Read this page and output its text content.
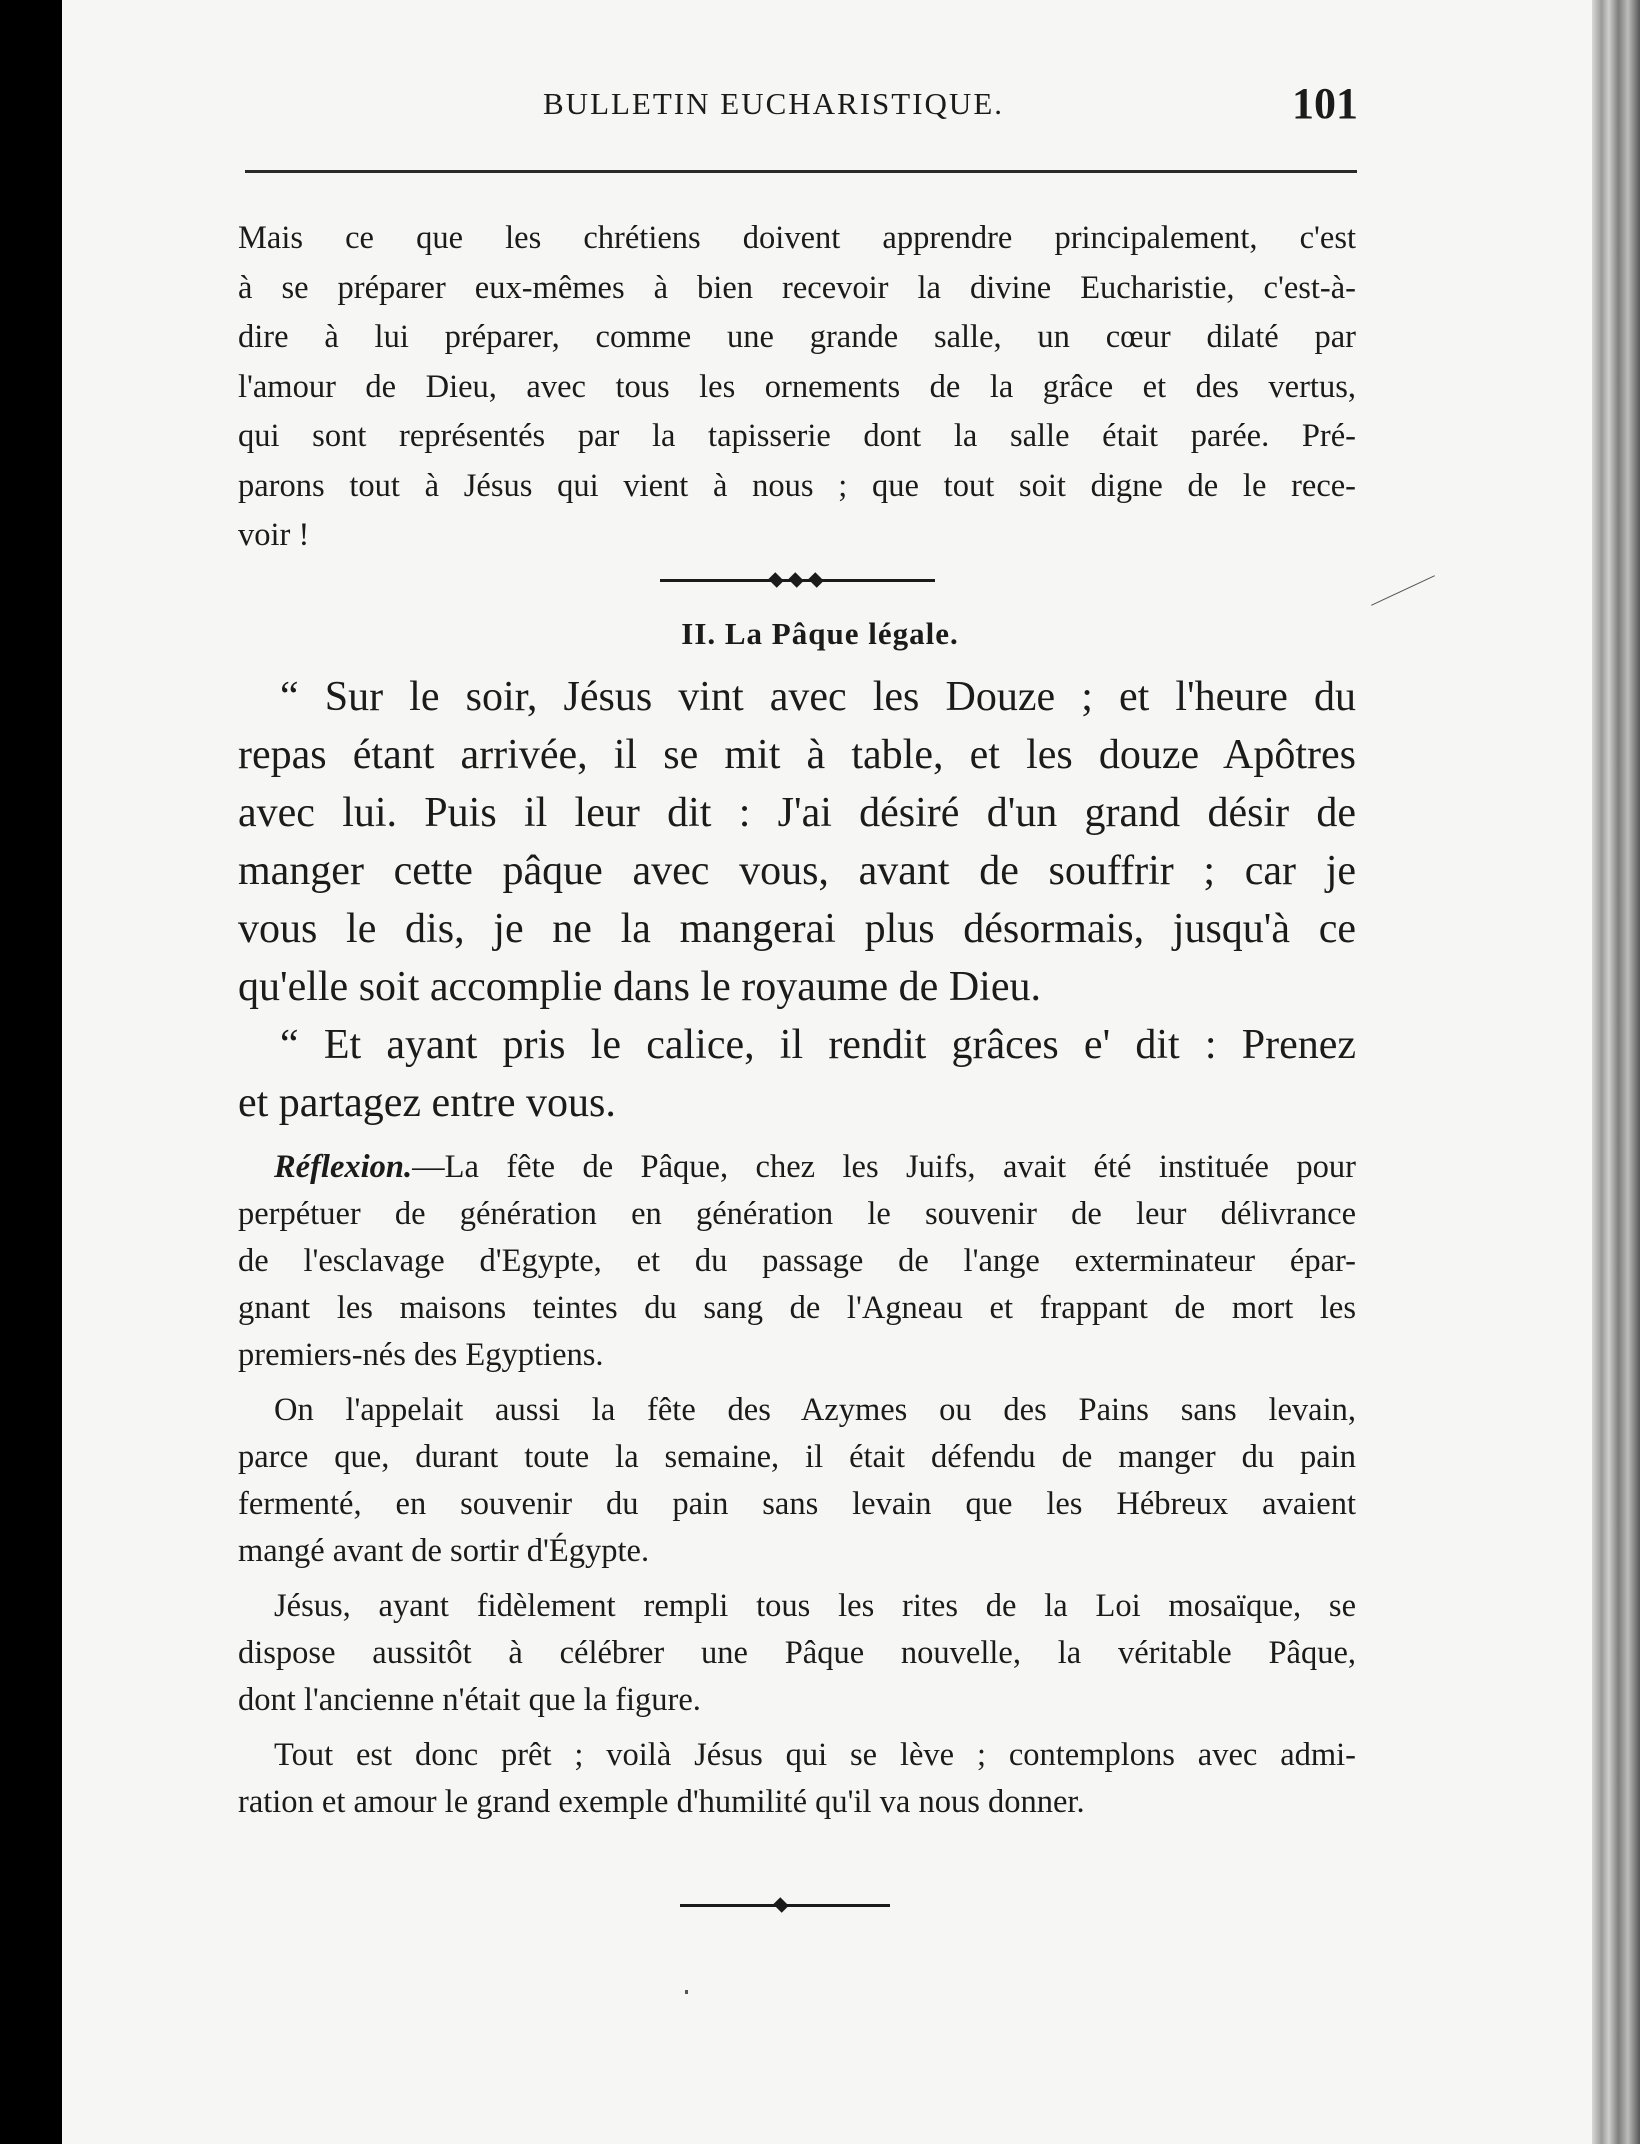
BULLETIN EUCHARISTIQUE.	101
Mais ce que les chrétiens doivent apprendre principalement, c'est
à se préparer eux-mêmes à bien recevoir la divine Eucharistie, c'est-à-
dire à lui préparer, comme une grande salle, un cœur dilaté par
l'amour de Dieu, avec tous les ornements de la grâce et des vertus,
qui sont représentés par la tapisserie dont la salle était parée. Pré-
parons tout à Jésus qui vient à nous ; que tout soit digne de le rece-
voir !
II. La Pâque légale.

“ Sur le soir, Jésus vint avec les Douze ; et l'heure du
repas étant arrivée, il se mit à table, et les douze Apôtres
avec lui. Puis il leur dit : J'ai désiré d'un grand désir de
manger cette pâque avec vous, avant de souffrir ; car je
vous le dis, je ne la mangerai plus désormais, jusqu'à ce
qu'elle soit accomplie dans le royaume de Dieu.

“ Et ayant pris le calice, il rendit grâces e' dit : Prenez
et partagez entre vous.

Réflexion.—La fête de Pâque, chez les Juifs, avait été instituée pour
perpétuer de génération en génération le souvenir de leur délivrance
de l'esclavage d'Egypte, et du passage de l'ange exterminateur épar-
gnant les maisons teintes du sang de l'Agneau et frappant de mort les
premiers-nés des Egyptiens.
On l'appelait aussi la fête des Azymes ou des Pains sans levain,
parce que, durant toute la semaine, il était défendu de manger du pain
fermenté, en souvenir du pain sans levain que les Hébreux avaient
mangé avant de sortir d'Égypte.
Jésus, ayant fidèlement rempli tous les rites de la Loi mosaïque, se
dispose aussitôt à célébrer une Pâque nouvelle, la véritable Pâque,
dont l'ancienne n'était que la figure.
Tout est donc prêt ; voilà Jésus qui se lève ; contemplons avec admi-
ration et amour le grand exemple d'humilité qu'il va nous donner.
